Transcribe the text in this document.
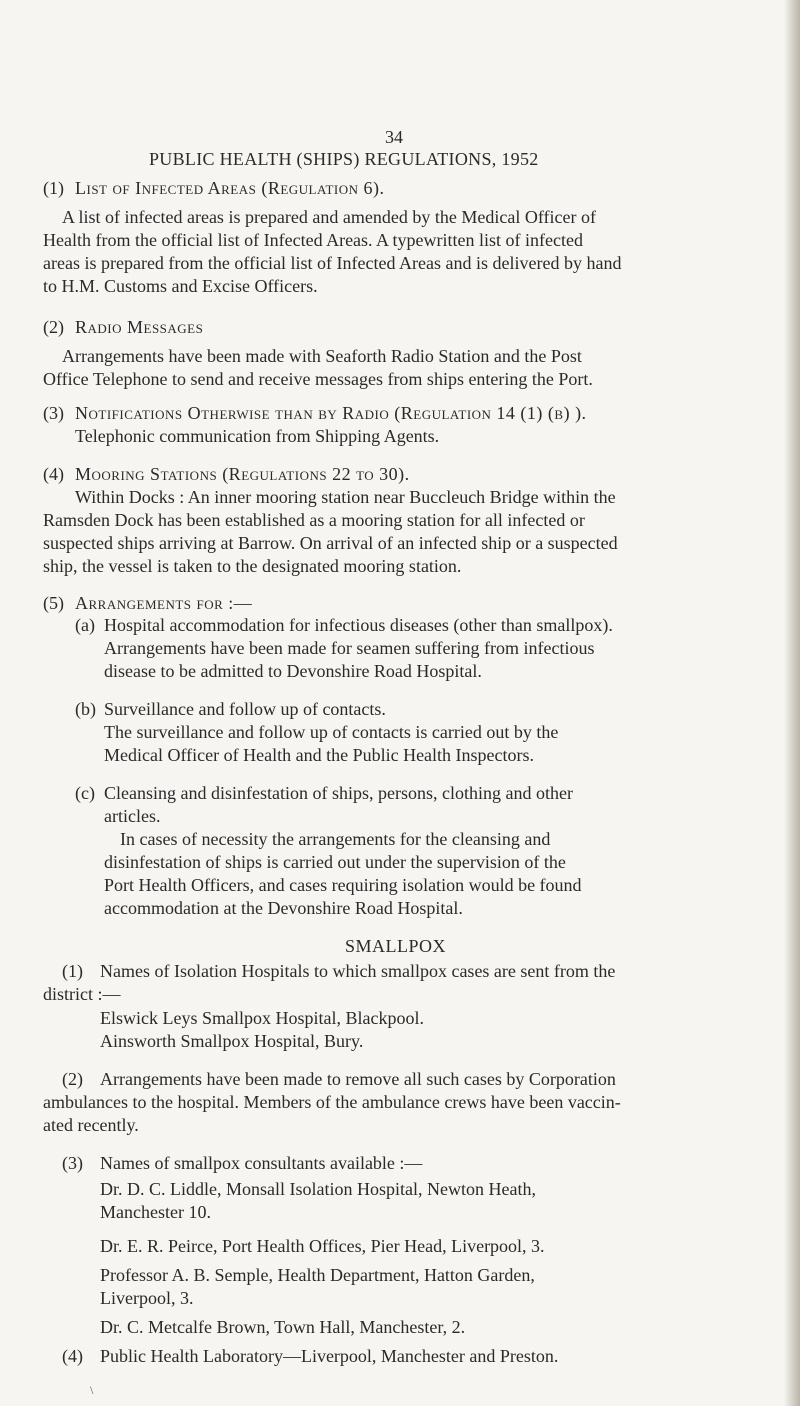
34

PUBLIC HEALTH (SHIPS) REGULATIONS, 1952

(1) List of Infected Areas (Regulation 6).

A list of infected areas is prepared and amended by the Medical Officer of

Health from the official list of Infected Areas. A typewritten list of infected

areas is prepared from the official list of Infected Areas and is delivered by hand

to H.M. Customs and Excise Officers.

(2) Radio Messages

Arrangements have been made with Seaforth Radio Station and the Post

Office Telephone to send and receive messages from ships entering the Port.

(3) Notifications Otherwise than by Radio (Regulation 14 (1) (b) ).

Telephonic communication from Shipping Agents.

(4) Mooring Stations (Regulations 22 to 30).

Within Docks : An inner mooring station near Buccleuch Bridge within the

Ramsden Dock has been established as a mooring station for all infected or

suspected ships arriving at Barrow. On arrival of an infected ship or a suspected

ship, the vessel is taken to the designated mooring station.

(5) Arrangements for :—

(a) Hospital accommodation for infectious diseases (other than smallpox).

Arrangements have been made for seamen suffering from infectious

disease to be admitted to Devonshire Road Hospital.

(b) Surveillance and follow up of contacts.

The surveillance and follow up of contacts is carried out by the

Medical Officer of Health and the Public Health Inspectors.

(c) Cleansing and disinfestation of ships, persons, clothing and other

articles.

In cases of necessity the arrangements for the cleansing and

disinfestation of ships is carried out under the supervision of the

Port Health Officers, and cases requiring isolation would be found

accommodation at the Devonshire Road Hospital.

SMALLPOX

(1) Names of Isolation Hospitals to which smallpox cases are sent from the

district :—

Elswick Leys Smallpox Hospital, Blackpool.

Ainsworth Smallpox Hospital, Bury.

(2) Arrangements have been made to remove all such cases by Corporation

ambulances to the hospital. Members of the ambulance crews have been vaccin-

ated recently.

(3) Names of smallpox consultants available :—

Dr. D. C. Liddle, Monsall Isolation Hospital, Newton Heath,

Manchester 10.

Dr. E. R. Peirce, Port Health Offices, Pier Head, Liverpool, 3.

Professor A. B. Semple, Health Department, Hatton Garden,

Liverpool, 3.

Dr. C. Metcalfe Brown, Town Hall, Manchester, 2.

(4) Public Health Laboratory—Liverpool, Manchester and Preston.

\
